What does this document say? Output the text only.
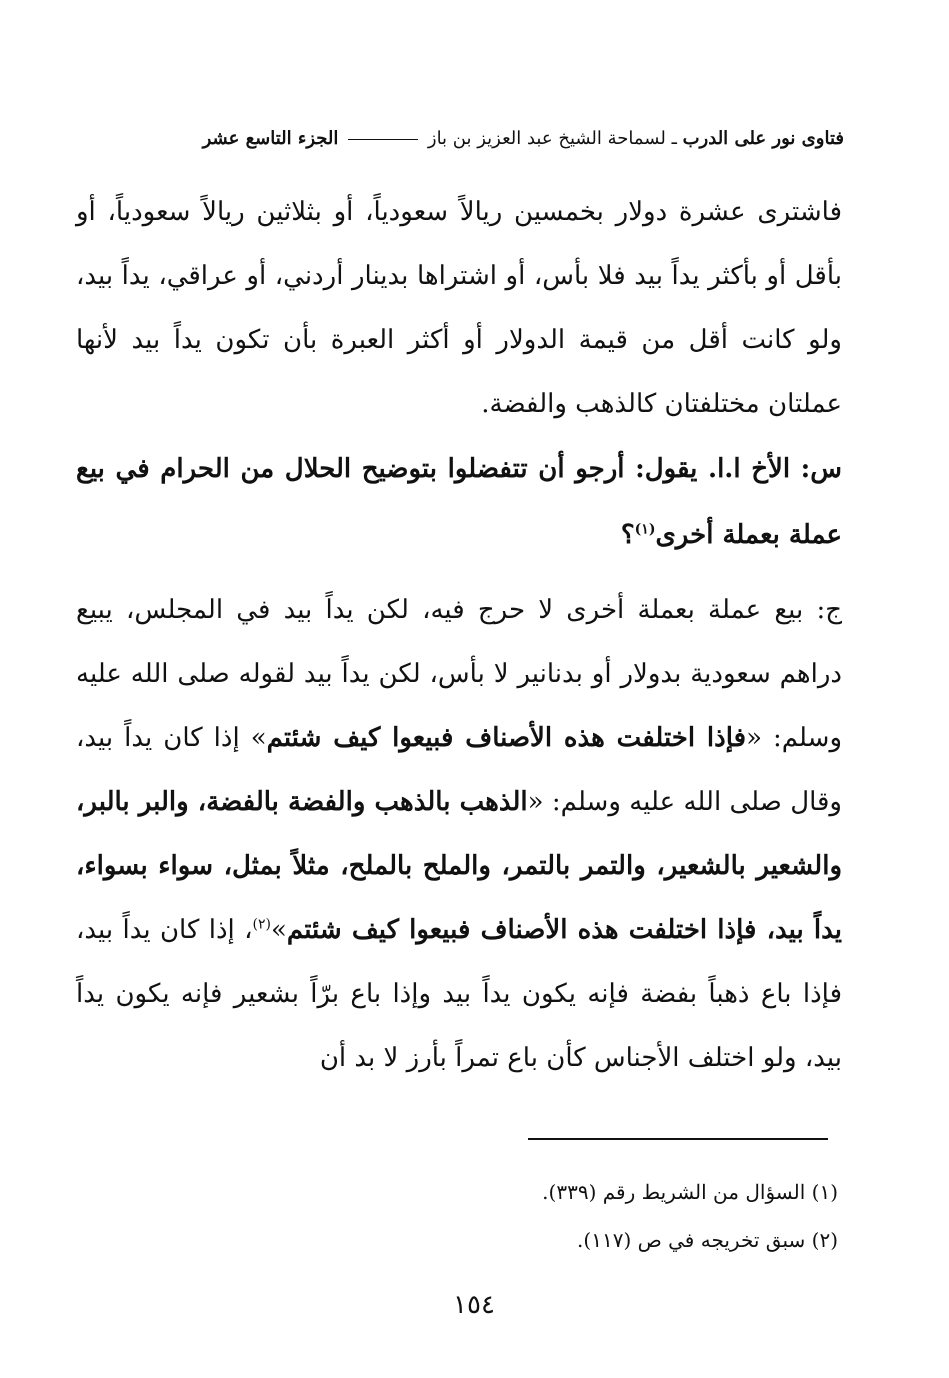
فتاوى نور على الدرب ـ لسماحة الشيخ عبد العزيز بن باز  الجزء التاسع عشر

فاشترى عشرة دولار بخمسين ريالاً سعودياً، أو بثلاثين ريالاً سعودياً، أو بأقل أو بأكثر يداً بيد فلا بأس، أو اشتراها بدينار أردني، أو عراقي، يداً بيد، ولو كانت أقل من قيمة الدولار أو أكثر العبرة بأن تكون يداً بيد لأنها عملتان مختلفتان كالذهب والفضة.

س: الأخ ا.ا. يقول: أرجو أن تتفضلوا بتوضيح الحلال من الحرام في بيع عملة بعملة أخرى$^{(١)}$؟

ج: بيع عملة بعملة أخرى لا حرج فيه، لكن يداً بيد في المجلس، يبيع دراهم سعودية بدولار أو بدنانير لا بأس، لكن يداً بيد لقوله صلى الله عليه وسلم: «فإذا اختلفت هذه الأصناف فبيعوا كيف شئتم» إذا كان يداً بيد، وقال صلى الله عليه وسلم: «الذهب بالذهب والفضة بالفضة، والبر بالبر، والشعير بالشعير، والتمر بالتمر، والملح بالملح، مثلاً بمثل، سواء بسواء، يداً بيد، فإذا اختلفت هذه الأصناف فبيعوا كيف شئتم»$^{(٢)}$، إذا كان يداً بيد، فإذا باع ذهباً بفضة فإنه يكون يداً بيد وإذا باع برّاً بشعير فإنه يكون يداً بيد، ولو اختلف الأجناس كأن باع تمراً بأرز لا بد أن

(١) السؤال من الشريط رقم (٣٣٩).
(٢) سبق تخريجه في ص (١١٧).
١٥٤
